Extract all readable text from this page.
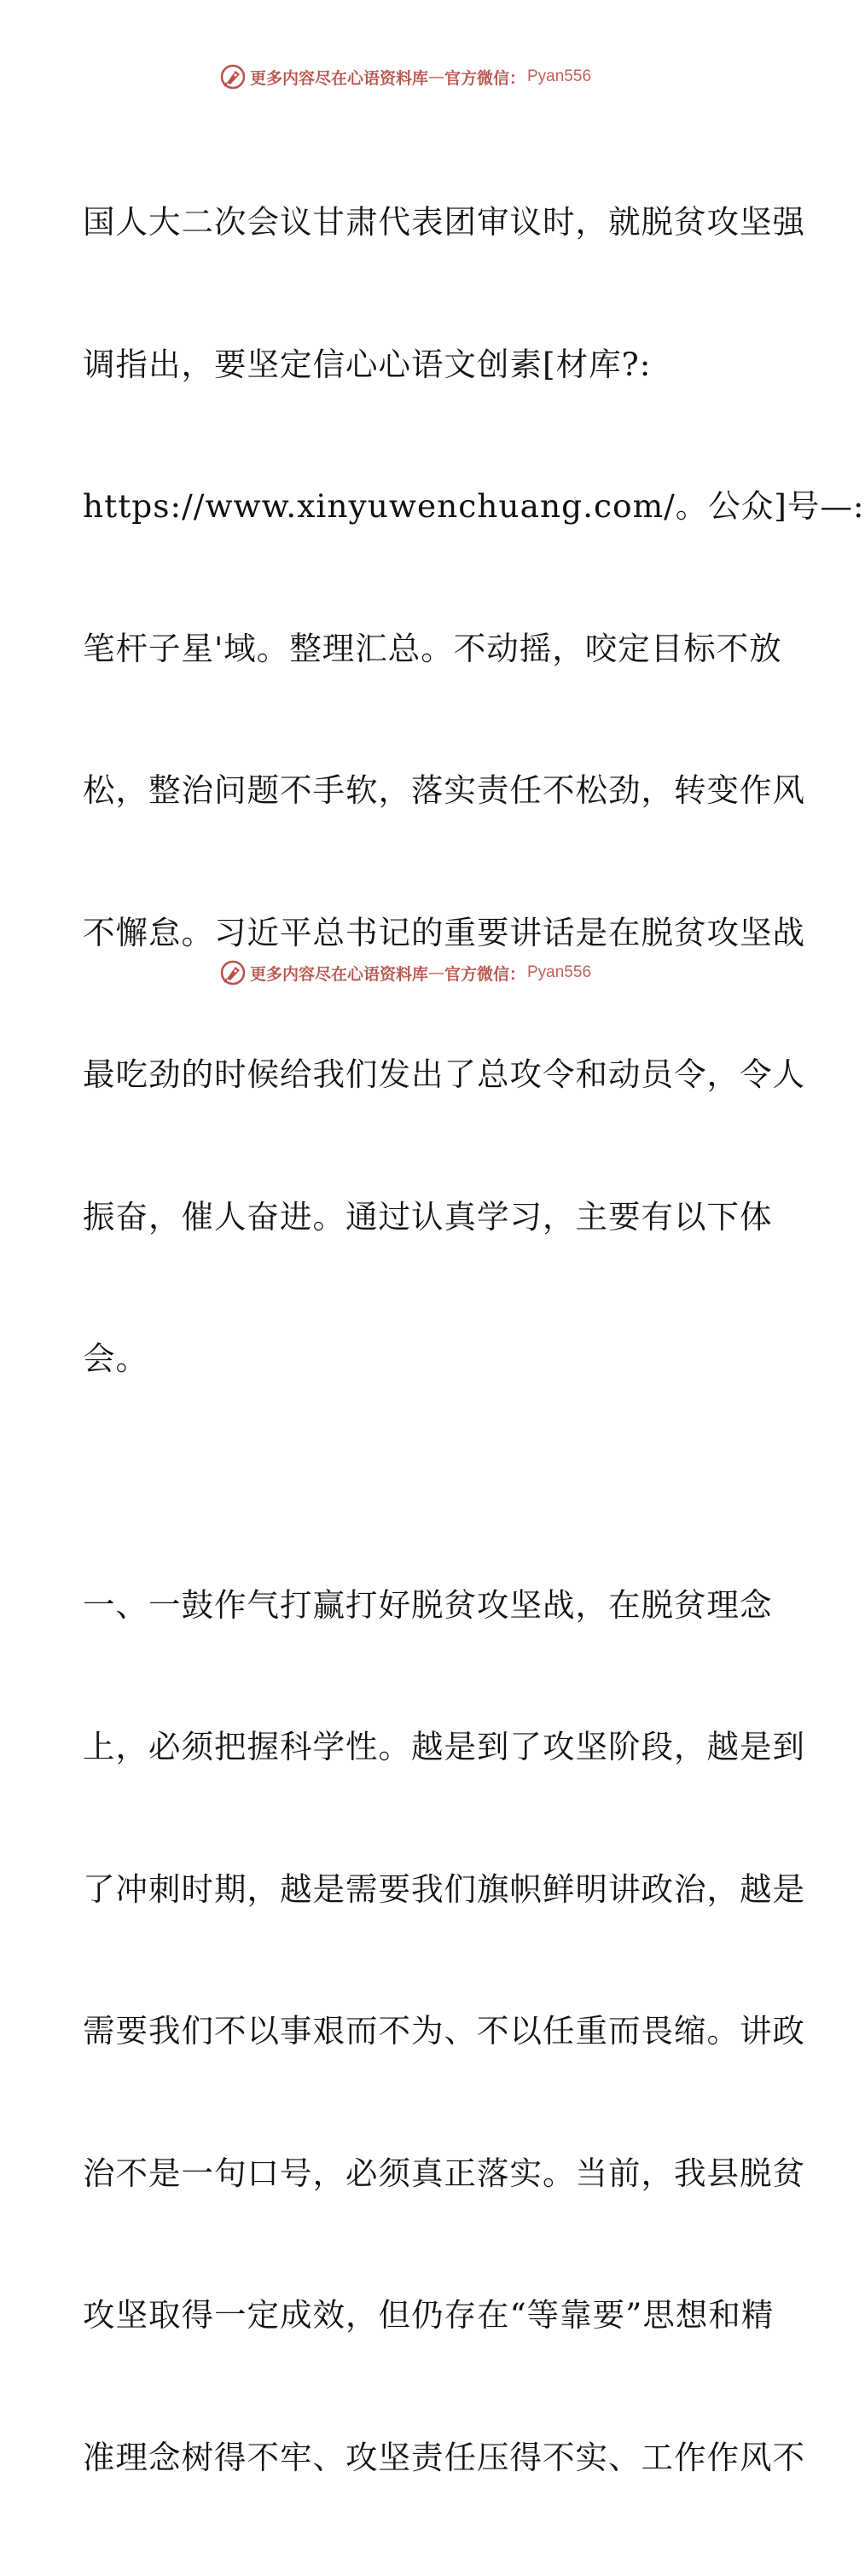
更多内容尽在心语资料库 — 官方微信： Pyan556

国人大二次会议甘肃代表团审议时，就脱贫攻坚强

调指出，要坚定信心心语文创素[材库?:

https://www.xinyuwenchuang.com/。公众]号—:

笔杆子星'域。整理汇总。不动摇，咬定目标不放

松，整治问题不手软，落实责任不松劲，转变作风

不懈怠。习近平总书记的重要讲话是在脱贫攻坚战

最吃劲的时候给我们发出了总攻令和动员令，令人

振奋，催人奋进。通过认真学习，主要有以下体

会。

一、一鼓作气打赢打好脱贫攻坚战，在脱贫理念

上，必须把握科学性。越是到了攻坚阶段，越是到

了冲刺时期，越是需要我们旗帜鲜明讲政治，越是

需要我们不以事艰而不为、不以任重而畏缩。讲政

治不是一句口号，必须真正落实。当前，我县脱贫

攻坚取得一定成效，但仍存在“等靠要”思想和精

准理念树得不牢、攻坚责任压得不实、工作作风不

更多内容尽在心语资料库 — 官方微信： Pyan556
